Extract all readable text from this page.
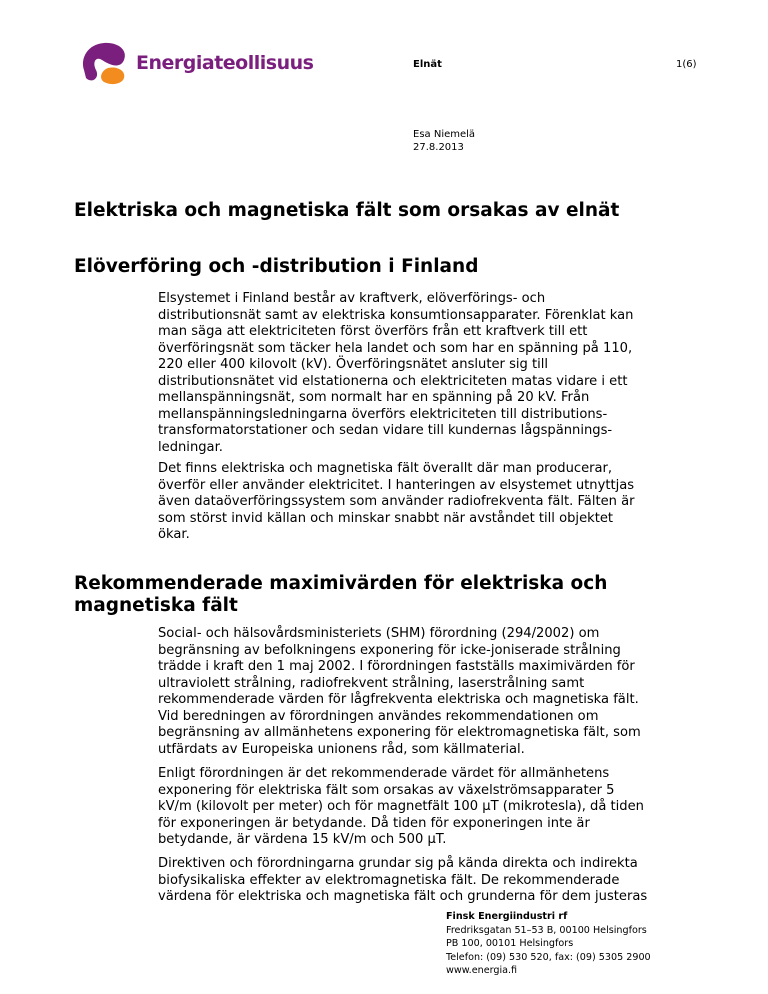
Energiateollisuus	Elnät	1(6)
Esa Niemelä
27.8.2013
Elektriska och magnetiska fält som orsakas av elnät
Elöverföring och -distribution i Finland
Elsystemet i Finland består av kraftverk, elöverförings- och
distributionsnät samt av elektriska konsumtionsapparater. Förenklat kan
man säga att elektriciteten först överförs från ett kraftverk till ett
överföringsnät som täcker hela landet och som har en spänning på 110,
220 eller 400 kilovolt (kV). Överföringsnätet ansluter sig till
distributionsnätet vid elstationerna och elektriciteten matas vidare i ett
mellanspänningsnät, som normalt har en spänning på 20 kV. Från
mellanspänningsledningarna överförs elektriciteten till distributions-
transformatorstationer och sedan vidare till kundernas lågspännings-
ledningar.
Det finns elektriska och magnetiska fält överallt där man producerar,
överför eller använder elektricitet. I hanteringen av elsystemet utnyttjas
även dataöverföringssystem som använder radiofrekventa fält. Fälten är
som störst invid källan och minskar snabbt när avståndet till objektet
ökar.
Rekommenderade maximivärden för elektriska och magnetiska fält
Social- och hälsovårdsministeriets (SHM) förordning (294/2002) om
begränsning av befolkningens exponering för icke-joniserade strålning
trädde i kraft den 1 maj 2002. I förordningen fastställs maximivärden för
ultraviolett strålning, radiofrekvent strålning, laserstrålning samt
rekommenderade värden för lågfrekventa elektriska och magnetiska fält.
Vid beredningen av förordningen användes rekommendationen om
begränsning av allmänhetens exponering för elektromagnetiska fält, som
utfärdats av Europeiska unionens råd, som källmaterial.
Enligt förordningen är det rekommenderade värdet för allmänhetens
exponering för elektriska fält som orsakas av växelströmsapparater 5
kV/m (kilovolt per meter) och för magnetfält 100 μT (mikrotesla), då tiden
för exponeringen är betydande. Då tiden för exponeringen inte är
betydande, är värdena 15 kV/m och 500 μT.
Direktiven och förordningarna grundar sig på kända direkta och indirekta
biofysikaliska effekter av elektromagnetiska fält. De rekommenderade
värdena för elektriska och magnetiska fält och grunderna för dem justeras
Finsk Energiindustri rf
Fredriksgatan 51–53 B, 00100 Helsingfors
PB 100, 00101 Helsingfors
Telefon: (09) 530 520, fax: (09) 5305 2900
www.energia.fi
